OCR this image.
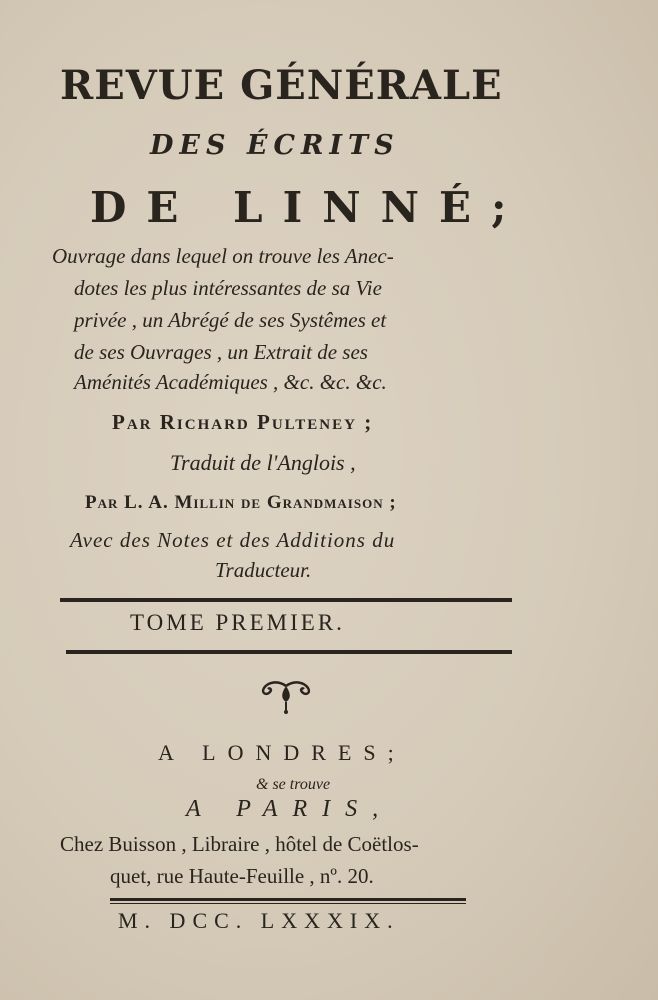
REVUE GÉNÉRALE
DES ÉCRITS
DE LINNÉ;
Ouvrage dans lequel on trouve les Anec-
dotes les plus intéressantes de sa Vie
privée , un Abrégé de ses Systêmes et
de ses Ouvrages , un Extrait de ses
Aménités Académiques , &c. &c. &c.
Par Richard Pulteney ;
Traduit de l'Anglois ,
Par L. A. Millin de Grandmaison ;
Avec des Notes et des Additions du
Traducteur.
TOME PREMIER.
A LONDRES;
& se trouve
A PARIS,
Chez Buisson , Libraire , hôtel de Coëtlos-
quet, rue Haute-Feuille , nº. 20.
M. DCC. LXXXIX.
